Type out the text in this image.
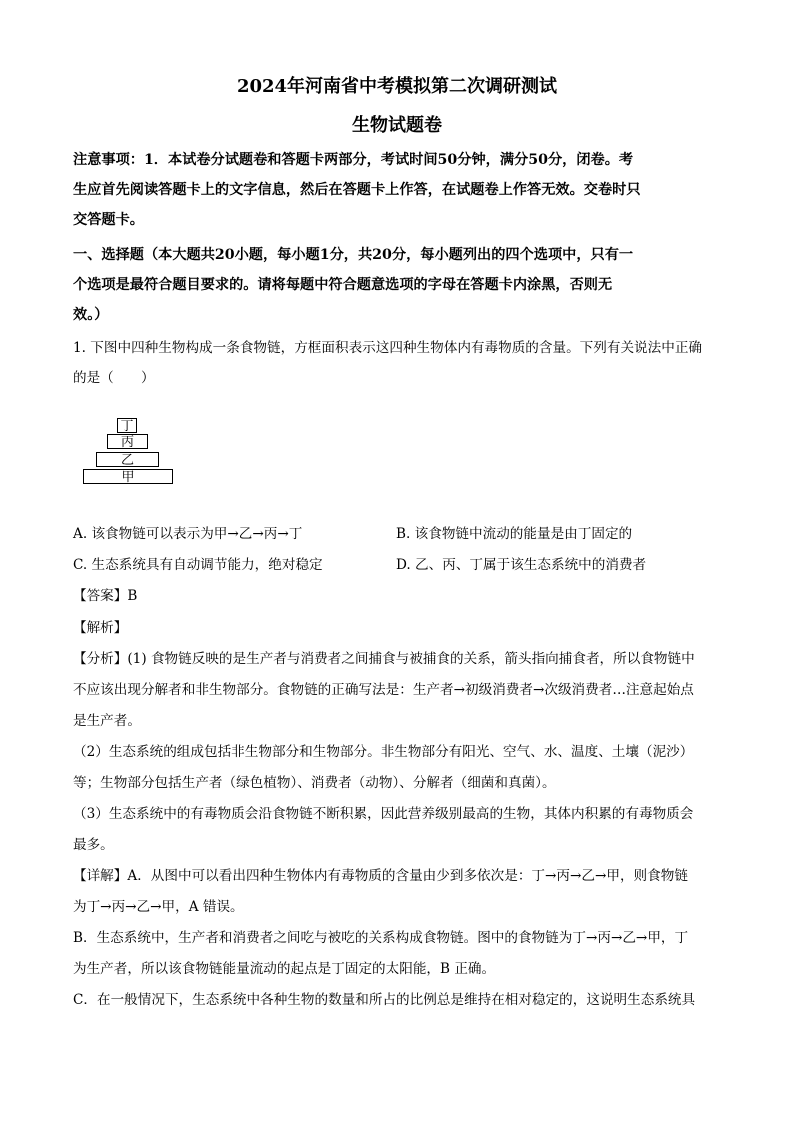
2024年河南省中考模拟第二次调研测试
生物试题卷
注意事项：1．本试卷分试题卷和答题卡两部分，考试时间50分钟，满分50分，闭卷。考
生应首先阅读答题卡上的文字信息，然后在答题卡上作答，在试题卷上作答无效。交卷时只
交答题卡。
一、选择题（本大题共20小题，每小题1分，共20分，每小题列出的四个选项中，只有一
个选项是最符合题目要求的。请将每题中符合题意选项的字母在答题卡内涂黑，否则无
效。）
1. 下图中四种生物构成一条食物链，方框面积表示这四种生物体内有毒物质的含量。下列有关说法中正确
的是（　　）
丁
丙
乙
甲
A. 该食物链可以表示为甲→乙→丙→丁	B. 该食物链中流动的能量是由丁固定的
C. 生态系统具有自动调节能力，绝对稳定	D. 乙、丙、丁属于该生态系统中的消费者
【答案】B
【解析】
【分析】(1) 食物链反映的是生产者与消费者之间捕食与被捕食的关系，箭头指向捕食者，所以食物链中
不应该出现分解者和非生物部分。食物链的正确写法是：生产者→初级消费者→次级消费者…注意起始点
是生产者。
（2）生态系统的组成包括非生物部分和生物部分。非生物部分有阳光、空气、水、温度、土壤（泥沙）
等；生物部分包括生产者（绿色植物）、消费者（动物）、分解者（细菌和真菌）。
（3）生态系统中的有毒物质会沿食物链不断积累，因此营养级别最高的生物，其体内积累的有毒物质会
最多。
【详解】A．从图中可以看出四种生物体内有毒物质的含量由少到多依次是：丁→丙→乙→甲，则食物链
为丁→丙→乙→甲，A 错误。
B．生态系统中，生产者和消费者之间吃与被吃的关系构成食物链。图中的食物链为丁→丙→乙→甲，丁
为生产者，所以该食物链能量流动的起点是丁固定的太阳能，B 正确。
C．在一般情况下，生态系统中各种生物的数量和所占的比例总是维持在相对稳定的，这说明生态系统具
